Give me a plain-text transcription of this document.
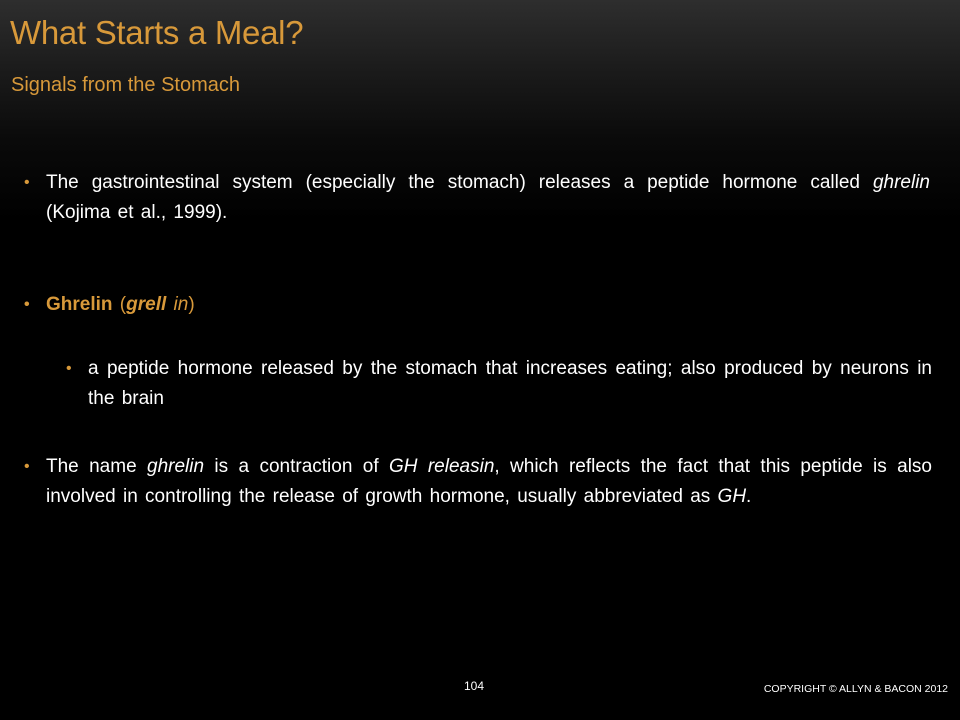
What Starts a Meal?
Signals from the Stomach
• The gastrointestinal system (especially the stomach) releases a peptide hormone called ghrelin (Kojima et al., 1999).
• Ghrelin (grell in)
• a peptide hormone released by the stomach that increases eating; also produced by neurons in the brain
• The name ghrelin is a contraction of GH releasin, which reflects the fact that this peptide is also involved in controlling the release of growth hormone, usually abbreviated as GH.
104	COPYRIGHT © ALLYN & BACON 2012
